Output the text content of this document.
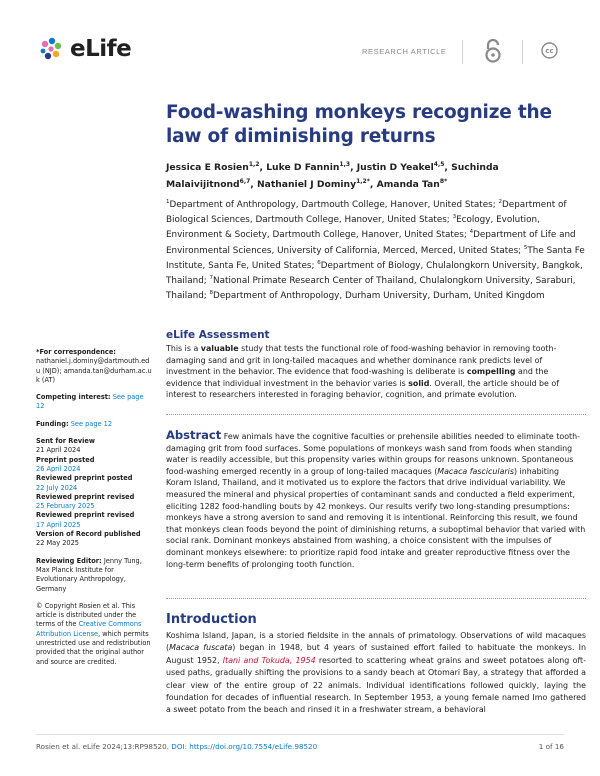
eLife	RESEARCH ARTICLE	cc
Food-washing monkeys recognize the law of diminishing returns
Jessica E Rosien$^{1,2}$, Luke D Fannin$^{1,3}$, Justin D Yeakel$^{4,5}$, Suchinda Malaivijitnond$^{6,7}$, Nathaniel J Dominy$^{1,2*}$, Amanda Tan$^{8*}$
$^1$Department of Anthropology, Dartmouth College, Hanover, United States; $^2$Department of Biological Sciences, Dartmouth College, Hanover, United States; $^3$Ecology, Evolution, Environment & Society, Dartmouth College, Hanover, United States; $^4$Department of Life and Environmental Sciences, University of California, Merced, Merced, United States; $^5$The Santa Fe Institute, Santa Fe, United States; $^6$Department of Biology, Chulalongkorn University, Bangkok, Thailand; $^7$National Primate Research Center of Thailand, Chulalongkorn University, Saraburi, Thailand; $^8$Department of Anthropology, Durham University, Durham, United Kingdom
*For correspondence:
nathaniel.j.dominy@dartmouth.edu (NJD); amanda.tan@durham.ac.uk (AT)
Competing interest: See page 12
Funding: See page 12
Sent for Review
21 April 2024
Preprint posted
26 April 2024
Reviewed preprint posted
22 July 2024
Reviewed preprint revised
25 February 2025
Reviewed preprint revised
17 April 2025
Version of Record published
22 May 2025
Reviewing Editor: Jenny Tung, Max Planck Institute for Evolutionary Anthropology, Germany
© Copyright Rosien et al. This article is distributed under the terms of the Creative Commons Attribution License, which permits unrestricted use and redistribution provided that the original author and source are credited.
eLife Assessment

This is a valuable study that tests the functional role of food-washing behavior in removing tooth-damaging sand and grit in long-tailed macaques and whether dominance rank predicts level of investment in the behavior. The evidence that food-washing is deliberate is compelling and the evidence that individual investment in the behavior varies is solid. Overall, the article should be of interest to researchers interested in foraging behavior, cognition, and primate evolution.

Abstract Few animals have the cognitive faculties or prehensile abilities needed to eliminate tooth-damaging grit from food surfaces. Some populations of monkeys wash sand from foods when standing water is readily accessible, but this propensity varies within groups for reasons unknown. Spontaneous food-washing emerged recently in a group of long-tailed macaques (Macaca fascicularis) inhabiting Koram Island, Thailand, and it motivated us to explore the factors that drive individual variability. We measured the mineral and physical properties of contaminant sands and conducted a field experiment, eliciting 1282 food-handling bouts by 42 monkeys. Our results verify two long-standing presumptions: monkeys have a strong aversion to sand and removing it is intentional. Reinforcing this result, we found that monkeys clean foods beyond the point of diminishing returns, a suboptimal behavior that varied with social rank. Dominant monkeys abstained from washing, a choice consistent with the impulses of dominant monkeys elsewhere: to prioritize rapid food intake and greater reproductive fitness over the long-term benefits of prolonging tooth function.

Introduction

Koshima Island, Japan, is a storied fieldsite in the annals of primatology. Observations of wild macaques (Macaca fuscata) began in 1948, but 4 years of sustained effort failed to habituate the monkeys. In August 1952, Itani and Tokuda, 1954 resorted to scattering wheat grains and sweet potatoes along oft-used paths, gradually shifting the provisions to a sandy beach at Otomari Bay, a strategy that afforded a clear view of the entire group of 22 animals. Individual identifications followed quickly, laying the foundation for decades of influential research. In September 1953, a young female named Imo gathered a sweet potato from the beach and rinsed it in a freshwater stream, a behavioral

Rosien et al. eLife 2024;13:RP98520. DOI: https://doi.org/10.7554/eLife.98520	1 of 16
